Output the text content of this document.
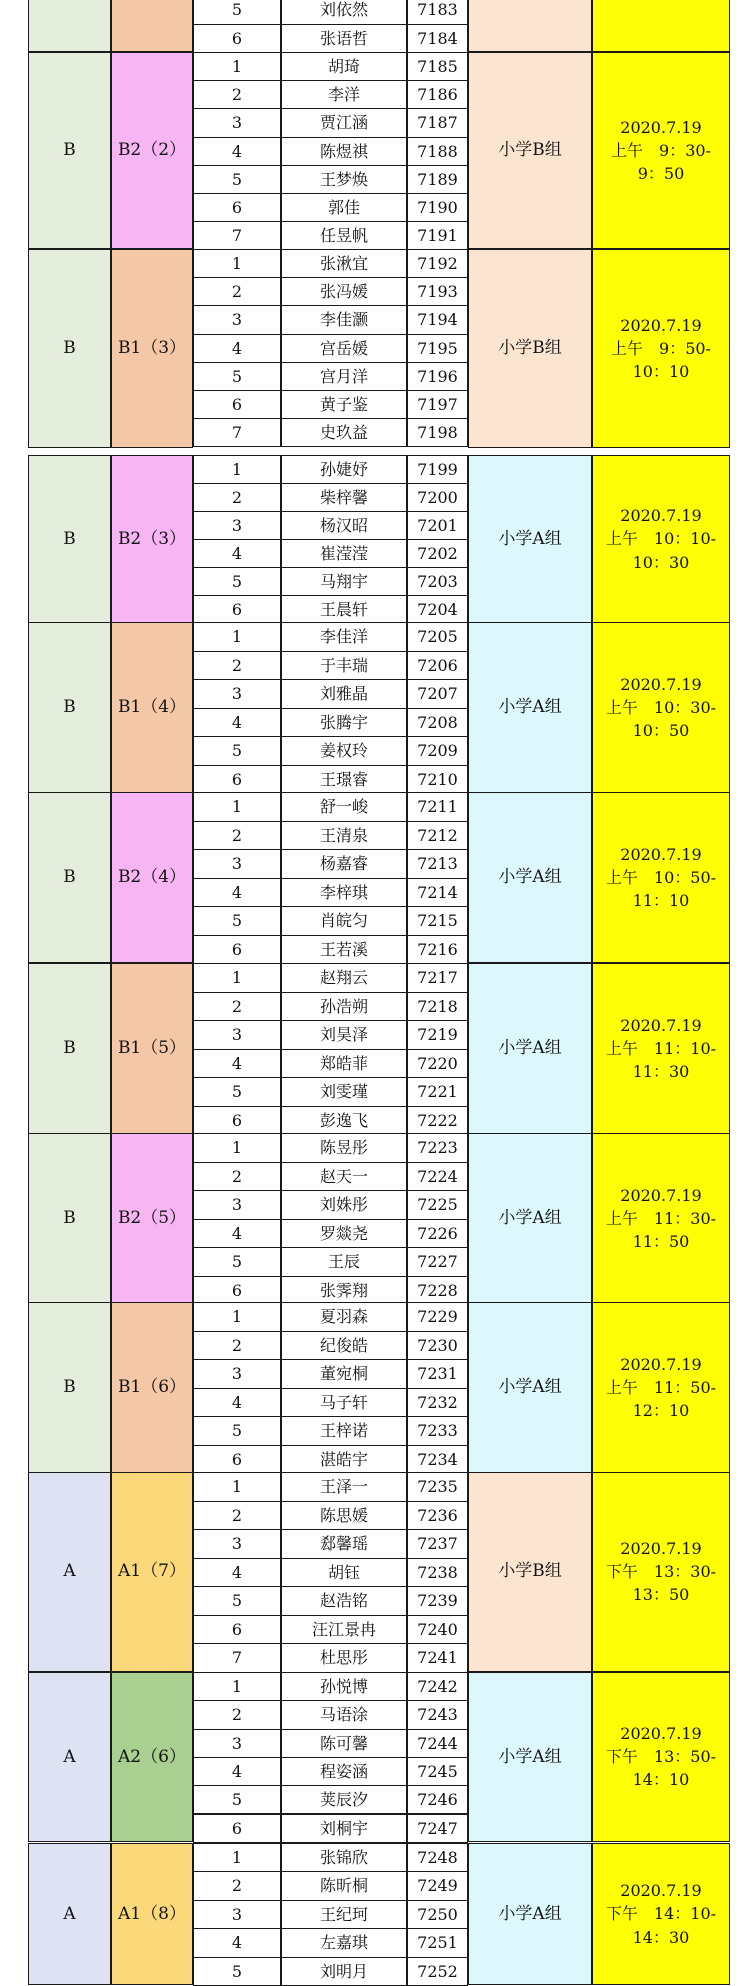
5	刘依然	7183
6	张语哲	7184
B B2（2）
1	胡琦	7185
2	李洋	7186
3	贾江涵	7187
4	陈煜祺	7188
5	王梦焕	7189
6	郭佳	7190
7	任昱帆	7191
小学B组
2020.7.19
上午　9：30-
9：50
B B1（3）
1	张湫宜	7192
2	张冯媛	7193
3	李佳灏	7194
4	宫岳媛	7195
5	宫月洋	7196
6	黄子鉴	7197
7	史玖益	7198
小学B组
2020.7.19
上午　9：50-
10：10
B B2（3）
1	孙婕妤	7199
2	柴梓馨	7200
3	杨汉昭	7201
4	崔滢滢	7202
5	马翔宇	7203
6	王晨轩	7204
小学A组
2020.7.19
上午　10：10-
10：30
B B1（4）
1	李佳洋	7205
2	于丰瑞	7206
3	刘雅晶	7207
4	张腾宇	7208
5	姜权玲	7209
6	王璟睿	7210
小学A组
2020.7.19
上午　10：30-
10：50
B B2（4）
1	舒一峻	7211
2	王清泉	7212
3	杨嘉睿	7213
4	李梓琪	7214
5	肖皖匀	7215
6	王若溪	7216
小学A组
2020.7.19
上午　10：50-
11：10
B B1（5）
1	赵翔云	7217
2	孙浩朔	7218
3	刘昊泽	7219
4	郑皓菲	7220
5	刘雯瑾	7221
6	彭逸飞	7222
小学A组
2020.7.19
上午　11：10-
11：30
B B2（5）
1	陈昱彤	7223
2	赵天一	7224
3	刘姝彤	7225
4	罗燚尧	7226
5	王辰	7227
6	张霁翔	7228
小学A组
2020.7.19
上午　11：30-
11：50
B B1（6）
1	夏羽森	7229
2	纪俊皓	7230
3	董宛桐	7231
4	马子轩	7232
5	王梓诺	7233
6	湛皓宇	7234
小学A组
2020.7.19
上午　11：50-
12：10
A A1（7）
1	王泽一	7235
2	陈思媛	7236
3	郄馨瑶	7237
4	胡钰	7238
5	赵浩铭	7239
6	汪江景冉	7240
7	杜思彤	7241
小学B组
2020.7.19
下午　13：30-
13：50
A A2（6）
1	孙悦博	7242
2	马语涂	7243
3	陈可馨	7244
4	程姿涵	7245
5	荚辰汐	7246
6	刘桐宇	7247
小学A组
2020.7.19
下午　13：50-
14：10
A A1（8）
1	张锦欣	7248
2	陈昕桐	7249
3	王纪珂	7250
4	左嘉琪	7251
5	刘明月	7252
小学A组
2020.7.19
下午　14：10-
14：30
